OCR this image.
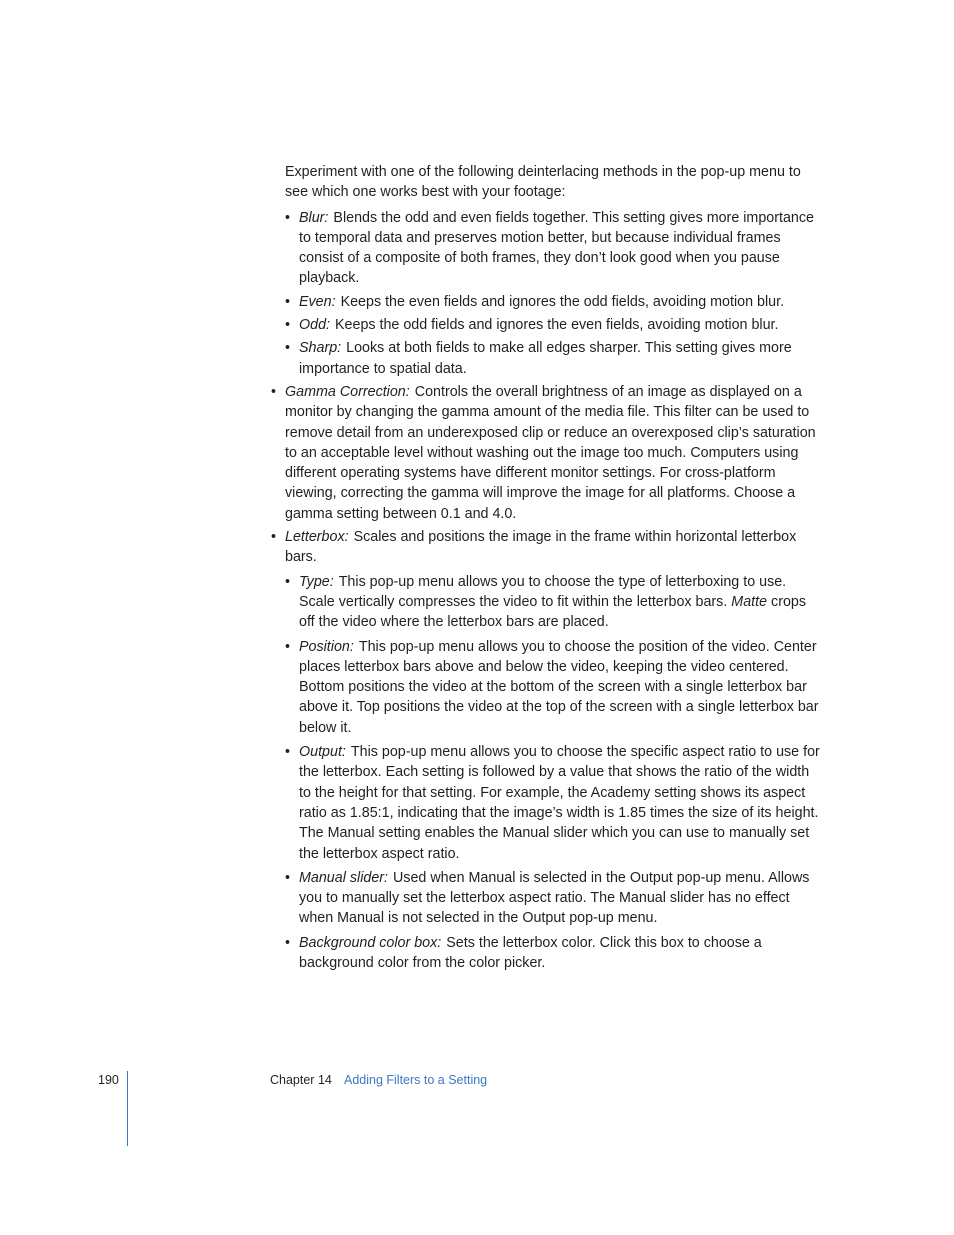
Experiment with one of the following deinterlacing methods in the pop-up menu to see which one works best with your footage:

• Blur: Blends the odd and even fields together. This setting gives more importance to temporal data and preserves motion better, but because individual frames consist of a composite of both frames, they don’t look good when you pause playback.
• Even: Keeps the even fields and ignores the odd fields, avoiding motion blur.
• Odd: Keeps the odd fields and ignores the even fields, avoiding motion blur.
• Sharp: Looks at both fields to make all edges sharper. This setting gives more importance to spatial data.
• Gamma Correction: Controls the overall brightness of an image as displayed on a monitor by changing the gamma amount of the media file. This filter can be used to remove detail from an underexposed clip or reduce an overexposed clip’s saturation to an acceptable level without washing out the image too much. Computers using different operating systems have different monitor settings. For cross-platform viewing, correcting the gamma will improve the image for all platforms. Choose a gamma setting between 0.1 and 4.0.
• Letterbox: Scales and positions the image in the frame within horizontal letterbox bars.
• Type: This pop-up menu allows you to choose the type of letterboxing to use. Scale vertically compresses the video to fit within the letterbox bars. Matte crops off the video where the letterbox bars are placed.
• Position: This pop-up menu allows you to choose the position of the video. Center places letterbox bars above and below the video, keeping the video centered. Bottom positions the video at the bottom of the screen with a single letterbox bar above it. Top positions the video at the top of the screen with a single letterbox bar below it.
• Output: This pop-up menu allows you to choose the specific aspect ratio to use for the letterbox. Each setting is followed by a value that shows the ratio of the width to the height for that setting. For example, the Academy setting shows its aspect ratio as 1.85:1, indicating that the image’s width is 1.85 times the size of its height. The Manual setting enables the Manual slider which you can use to manually set the letterbox aspect ratio.
• Manual slider: Used when Manual is selected in the Output pop-up menu. Allows you to manually set the letterbox aspect ratio. The Manual slider has no effect when Manual is not selected in the Output pop-up menu.
• Background color box: Sets the letterbox color. Click this box to choose a background color from the color picker.
190	Chapter 14 Adding Filters to a Setting
